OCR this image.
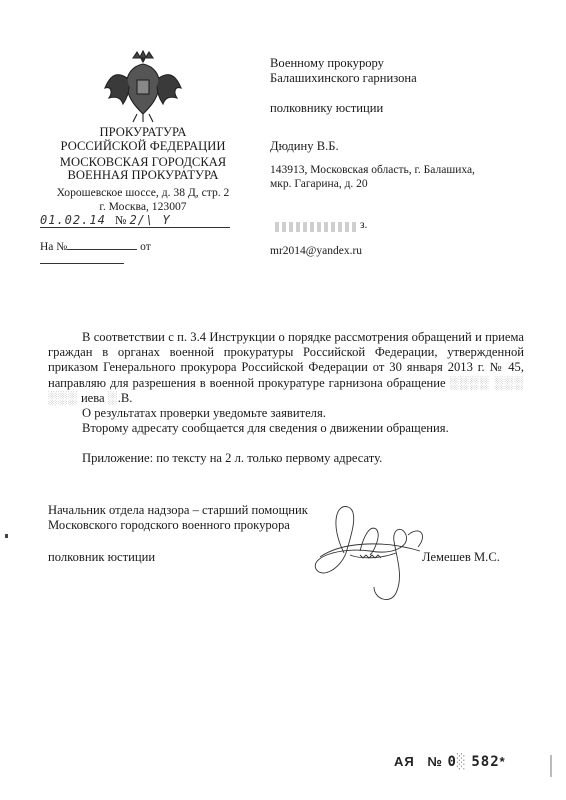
ПРОКУРАТУРА
РОССИЙСКОЙ ФЕДЕРАЦИИ
МОСКОВСКАЯ ГОРОДСКАЯ
ВОЕННАЯ ПРОКУРАТУРА
Хорошевское шоссе, д. 38 Д, стр. 2
г. Москва, 123007
01.02.14 № 2/\ Y
На №	от
Военному прокурору
Балашихинского гарнизона
полковнику юстиции
Дюдину В.Б.
143913, Московская область, г. Балашиха,
мкр. Гагарина, д. 20
з.
mr2014@yandex.ru

В соответствии с п. 3.4 Инструкции о порядке рассмотрения обращений и приема граждан в органах военной прокуратуры Российской Федерации, утвержденной приказом Генерального прокурора Российской Федерации от 30 января 2013 г. № 45, направляю для разрешения в военной прокуратуре гарнизона обращение ░░░░ ░░░ ░░░ иева ░.В.

О результатах проверки уведомьте заявителя.

Второму адресату сообщается для сведения о движении обращения.

Приложение: по тексту на 2 л. только первому адресату.

Начальник отдела надзора – старший помощник
Московского городского военного прокурора
полковник юстиции	Лемешев М.С.
АЯ № 0░ 582*
